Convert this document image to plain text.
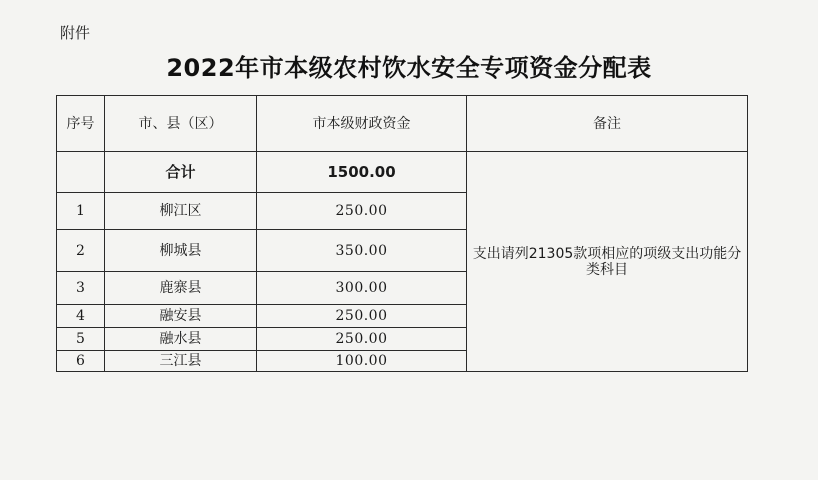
附件
2022年市本级农村饮水安全专项资金分配表
序号	市、县（区）	市本级财政资金	备注
	合计	1500.00	支出请列21305款项相应的项级支出功能分类科目
1	柳江区	250.00	
2	柳城县	350.00	
3	鹿寨县	300.00	
4	融安县	250.00	
5	融水县	250.00	
6	三江县	100.00	
